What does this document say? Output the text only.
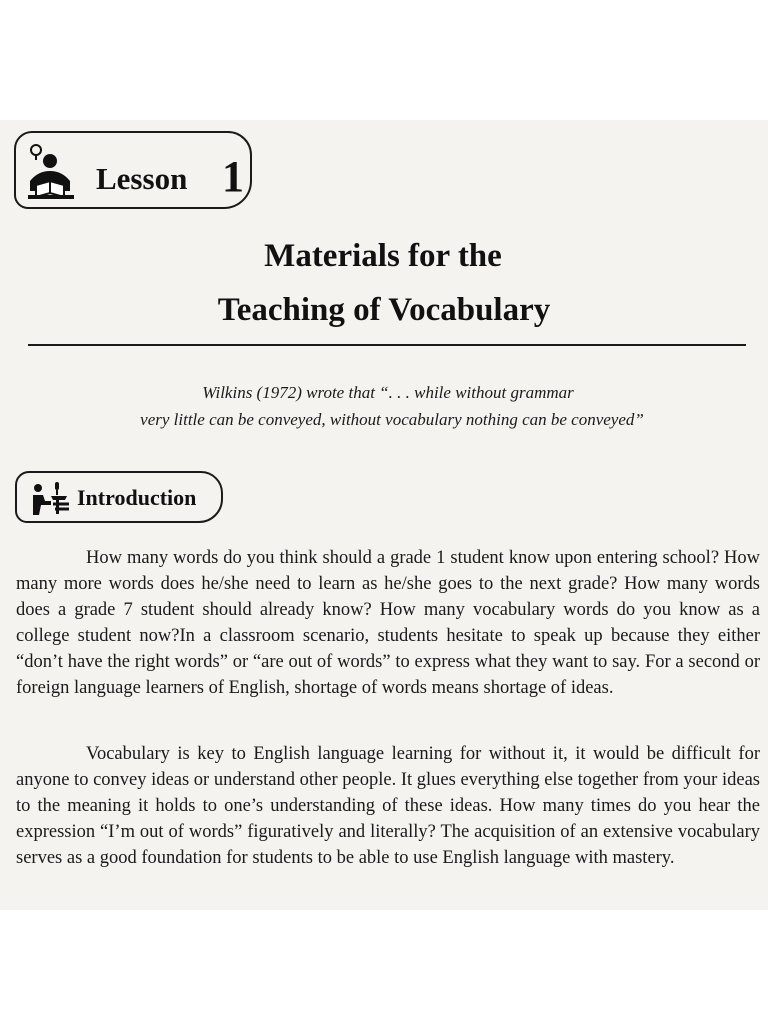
Lesson 1
Materials for the
Teaching of Vocabulary
Wilkins (1972) wrote that “. . . while without grammar
very little can be conveyed, without vocabulary nothing can be conveyed”
Introduction

How many words do you think should a grade 1 student know upon entering school? How many more words does he/she need to learn as he/she goes to the next grade? How many words does a grade 7 student should already know? How many vocabulary words do you know as a college student now?In a classroom scenario, students hesitate to speak up because they either “don’t have the right words” or “are out of words” to express what they want to say. For a second or foreign language learners of English, shortage of words means shortage of ideas.

Vocabulary is key to English language learning for without it, it would be difficult for anyone to convey ideas or understand other people. It glues everything else together from your ideas to the meaning it holds to one’s understanding of these ideas. How many times do you hear the expression “I’m out of words” figuratively and literally? The acquisition of an extensive vocabulary serves as a good foundation for students to be able to use English language with mastery.
